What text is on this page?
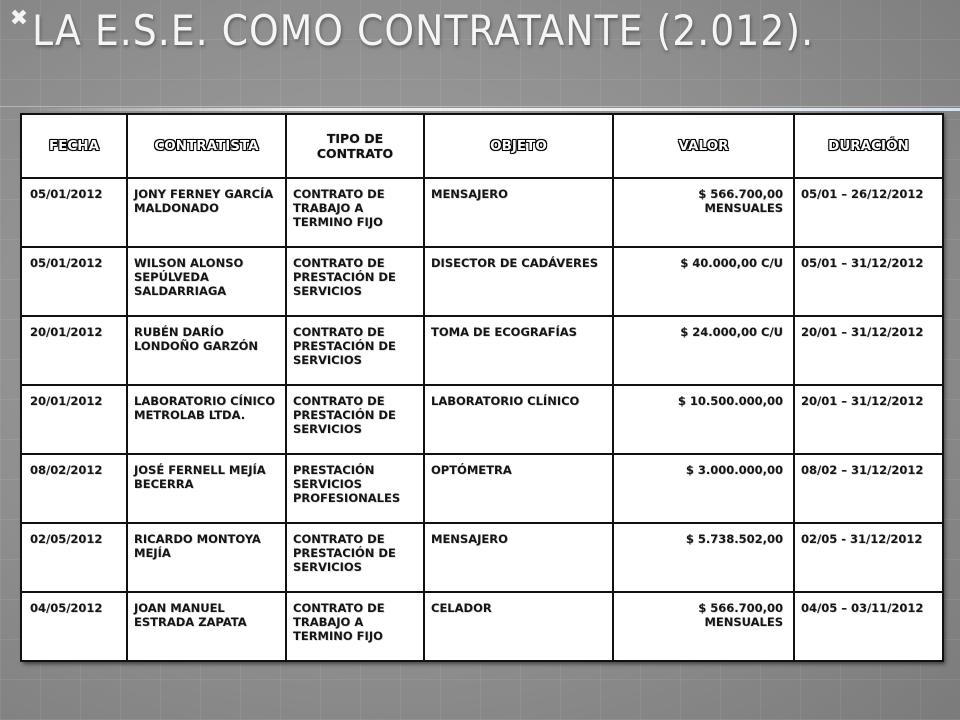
✖ LA E.S.E. COMO CONTRATANTE (2.012).
FECHA	CONTRATISTA	TIPO DE CONTRATO	OBJETO	VALOR	DURACIÓN
05/01/2012	JONY FERNEY GARCÍA MALDONADO	CONTRATO DE TRABAJO A TERMINO FIJO	MENSAJERO	$ 566.700,00 MENSUALES	05/01 – 26/12/2012
05/01/2012	WILSON ALONSO SEPÚLVEDA SALDARRIAGA	CONTRATO DE PRESTACIÓN DE SERVICIOS	DISECTOR DE CADÁVERES	$ 40.000,00 C/U	05/01 – 31/12/2012
20/01/2012	RUBÉN DARÍO LONDOÑO GARZÓN	CONTRATO DE PRESTACIÓN DE SERVICIOS	TOMA DE ECOGRAFÍAS	$ 24.000,00 C/U	20/01 – 31/12/2012
20/01/2012	LABORATORIO CÍNICO METROLAB LTDA.	CONTRATO DE PRESTACIÓN DE SERVICIOS	LABORATORIO CLÍNICO	$ 10.500.000,00	20/01 – 31/12/2012
08/02/2012	JOSÉ FERNELL MEJÍA BECERRA	PRESTACIÓN SERVICIOS PROFESIONALES	OPTÓMETRA	$ 3.000.000,00	08/02 – 31/12/2012
02/05/2012	RICARDO MONTOYA MEJÍA	CONTRATO DE PRESTACIÓN DE SERVICIOS	MENSAJERO	$ 5.738.502,00	02/05 - 31/12/2012
04/05/2012	JOAN MANUEL ESTRADA ZAPATA	CONTRATO DE TRABAJO A TERMINO FIJO	CELADOR	$ 566.700,00 MENSUALES	04/05 – 03/11/2012
